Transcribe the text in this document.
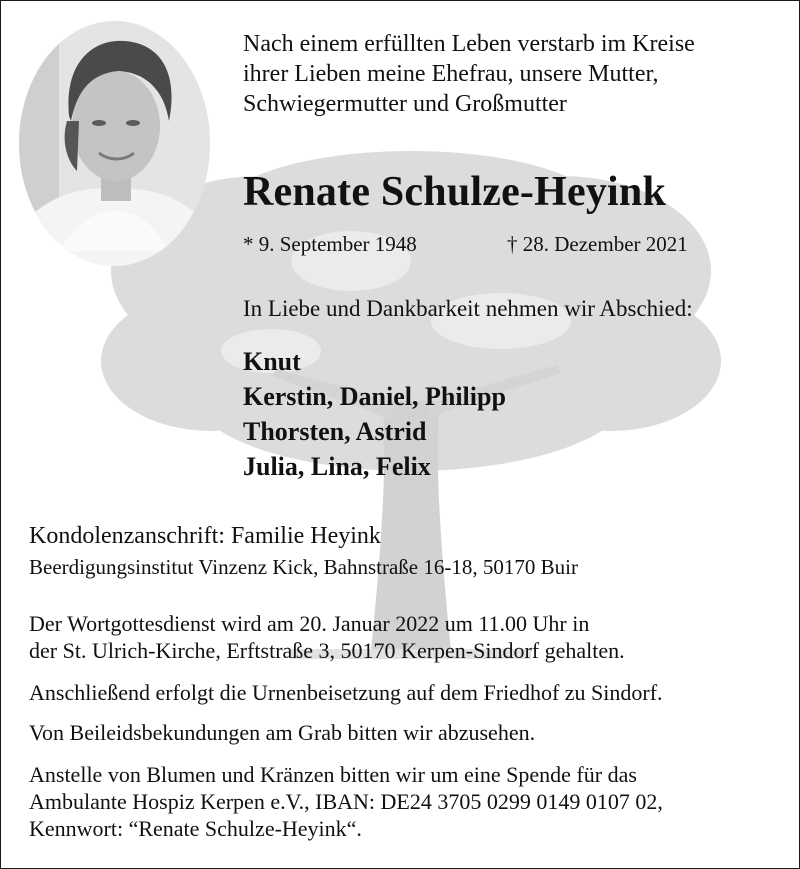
Nach einem erfüllten Leben verstarb im Kreise
ihrer Lieben meine Ehefrau, unsere Mutter,
Schwiegermutter und Großmutter
Renate Schulze-Heyink
* 9. September 1948	† 28. Dezember 2021
In Liebe und Dankbarkeit nehmen wir Abschied:
Knut
Kerstin, Daniel, Philipp
Thorsten, Astrid
Julia, Lina, Felix
Kondolenzanschrift: Familie Heyink
Beerdigungsinstitut Vinzenz Kick, Bahnstraße 16-18, 50170 Buir
Der Wortgottesdienst wird am 20. Januar 2022 um 11.00 Uhr in
der St. Ulrich-Kirche, Erftstraße 3, 50170 Kerpen-Sindorf gehalten.
Anschließend erfolgt die Urnenbeisetzung auf dem Friedhof zu Sindorf.
Von Beileidsbekundungen am Grab bitten wir abzusehen.
Anstelle von Blumen und Kränzen bitten wir um eine Spende für das
Ambulante Hospiz Kerpen e.V., IBAN: DE24 3705 0299 0149 0107 02,
Kennwort: “Renate Schulze-Heyink“.
